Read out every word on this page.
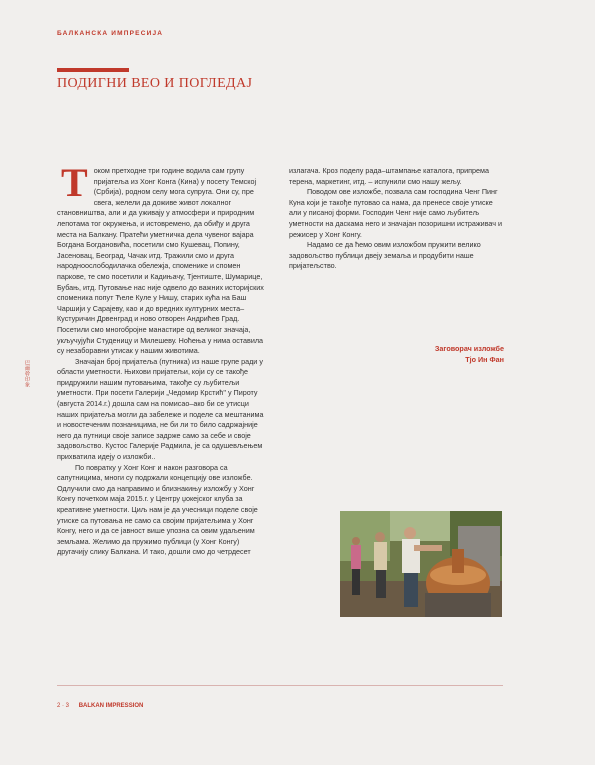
БАЛКАНСКА ИМПРЕСИЈА
ПОДИГНИ ВЕО И ПОГЛЕДАЈ
巴爾幹印象
Т оком претходне три године водила сам групу пријатеља из Хонг Конга (Кина) у посету Темској (Србија), родном селу мога супруга. Они су, пре свега, желели да доживе живот локалног становништва, али и да уживају у атмосфери и природним лепотама тог окружења, и истовремено, да обиђу и друга места на Балкану. Пратећи уметничка дела чувеног вајара Богдана Богдановића, посетили смо Кушевац, Попину, Јасеновац, Београд, Чачак итд. Тражили смо и друга народноослободилачка обележја, споменике и спомен паркове, те смо посетили и Кадињачу, Тјентиште, Шумарице, Бубањ, итд. Путовање нас није одвело до важних историјских споменика попут Ћеле Куле у Нишу, старих кућа на Баш Чаршији у Сарајеву, као и до вредних културних места–Кустуричин Дрвенград и ново отворен Андрићев Град. Посетили смо многобројне манастире од великог значаја, укључујући Студеницу и Милешеву. Ноћења у нима оставила су незаборавни утисак у нашим животима.

Значајан број пријатеља (путника) из наше групе ради у области уметности. Њихови пријатељи, који су се такође придружили нашим путовањима, такође су љубитељи уметности. При посети Галерији „Чедомир Крстић" у Пироту (августа 2014.г.) дошла сам на помисао–ако би се утисци наших пријатеља могли да забележе и поделе са мештанима и новостеченим познаницима, не би ли то било садржајније него да путници своје записе задрже само за себе и своје задовољство. Кустос Галерије Радмила, је са одушевљењем прихватила идеју о изложби..

По повратку у Хонг Конг и након разговора са сапутницима, многи су подржали концепцију ове изложбе. Одлучили смо да направимо и близнакињу изложбу у Хонг Конгу почетком маја 2015.г. у Центру џокејског клуба за креативне уметности. Циљ нам је да учесници поделе своје утиске са путовања не само са својим пријатељима у Хонг Конгу, него и да се јавност више упозна са овим удаљеним земљама. Желимо да пружимо публици (у Хонг Конгу) другачију слику Балкана. И тако, дошли смо до четрдесет

излагача. Кроз поделу рада–штампање каталога, припрема терена, маркетинг, итд. – испунили смо нашу жељу.

Поводом ове изложбе, позвала сам господина Ченг Пинг Куна који је такође путовао са нама, да пренесе своје утиске али у писаној форми. Господин Ченг није само љубитељ уметности на даскама него и значајан позоришни истраживач и режисер у Хонг Конгу.

Надамо се да ћемо овим изложбом пружити велико задовољство публици двеју земаља и продубити наше пријатељство.

Заговорач изложбе
Тјо Ин Фан
2 · 3 BALKAN IMPRESSION
